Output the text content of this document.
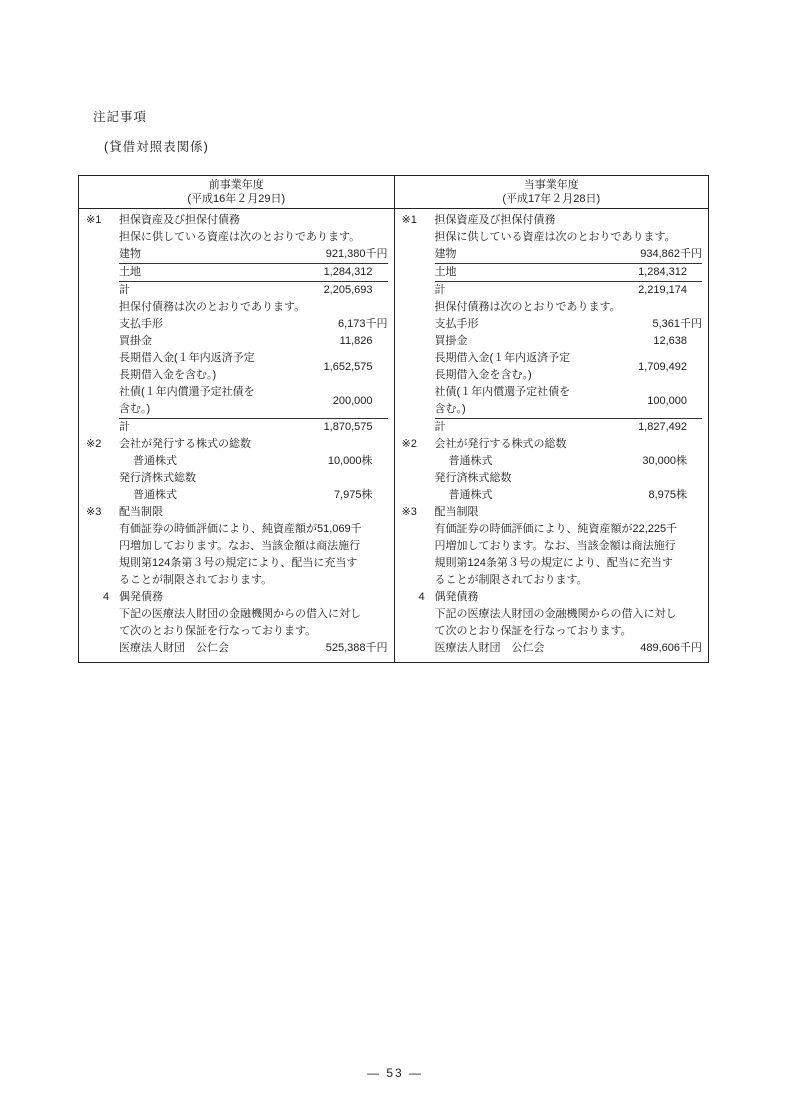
注記事項
(貸借対照表関係)
前事業年度
(平成16年２月29日)
※1	担保資産及び担保付債務
担保に供している資産は次のとおりであります。
建物	921,380千円
土地	1,284,312
計	2,205,693
担保付債務は次のとおりであります。
支払手形	6,173千円
買掛金	11,826
長期借入金(１年内返済予定
長期借入金を含む。)
1,652,575
社債(１年内償還予定社債を
含む。)
200,000
計	1,870,575
※2	会社が発行する株式の総数
普通株式	10,000株
発行済株式総数
普通株式	7,975株
※3	配当制限
有価証券の時価評価により、純資産額が51,069千
円増加しております。なお、当該金額は商法施行
規則第124条第３号の規定により、配当に充当す
ることが制限されております。
4 偶発債務
下記の医療法人財団の金融機関からの借入に対し
て次のとおり保証を行なっております。
医療法人財団　公仁会	525,388千円
当事業年度
(平成17年２月28日)
※1	担保資産及び担保付債務
担保に供している資産は次のとおりであります。
建物	934,862千円
土地	1,284,312
計	2,219,174
担保付債務は次のとおりであります。
支払手形	5,361千円
買掛金	12,638
長期借入金(１年内返済予定
長期借入金を含む。)
1,709,492
社債(１年内償還予定社債を
含む。)
100,000
計	1,827,492
※2	会社が発行する株式の総数
普通株式	30,000株
発行済株式総数
普通株式	8,975株
※3	配当制限
有価証券の時価評価により、純資産額が22,225千
円増加しております。なお、当該金額は商法施行
規則第124条第３号の規定により、配当に充当す
ることが制限されております。
4 偶発債務
下記の医療法人財団の金融機関からの借入に対し
て次のとおり保証を行なっております。
医療法人財団　公仁会	489,606千円
— 53 —
